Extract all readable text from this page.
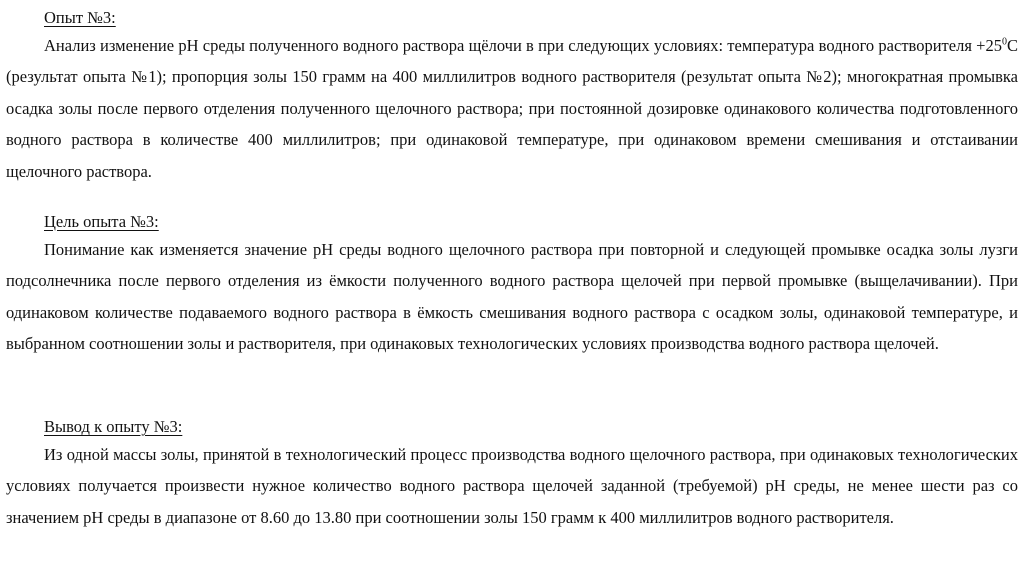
Опыт №3:

Анализ изменение рН среды полученного водного раствора щёлочи в при следующих условиях: температура водного растворителя $+25^0С$ (результат опыта №1); пропорция золы 150 грамм на 400 миллилитров водного растворителя (результат опыта №2); многократная промывка осадка золы после первого отделения полученного щелочного раствора; при постоянной дозировке одинакового количества подготовленного водного раствора в количестве 400 миллилитров; при одинаковой температуре, при одинаковом времени смешивания и отстаивании щелочного раствора.

Цель опыта №3:

Понимание как изменяется значение рН среды водного щелочного раствора при повторной и следующей промывке осадка золы лузги подсолнечника после первого отделения из ёмкости полученного водного раствора щелочей при первой промывке (выщелачивании). При одинаковом количестве подаваемого водного раствора в ёмкость смешивания водного раствора с осадком золы, одинаковой температуре, и выбранном соотношении золы и растворителя, при одинаковых технологических условиях производства водного раствора щелочей.

Вывод к опыту №3:

Из одной массы золы, принятой в технологический процесс производства водного щелочного раствора, при одинаковых технологических условиях получается произвести нужное количество водного раствора щелочей заданной (требуемой) рН среды, не менее шести раз со значением рН среды в диапазоне от 8.60 до 13.80 при соотношении золы 150 грамм к 400 миллилитров водного растворителя.
